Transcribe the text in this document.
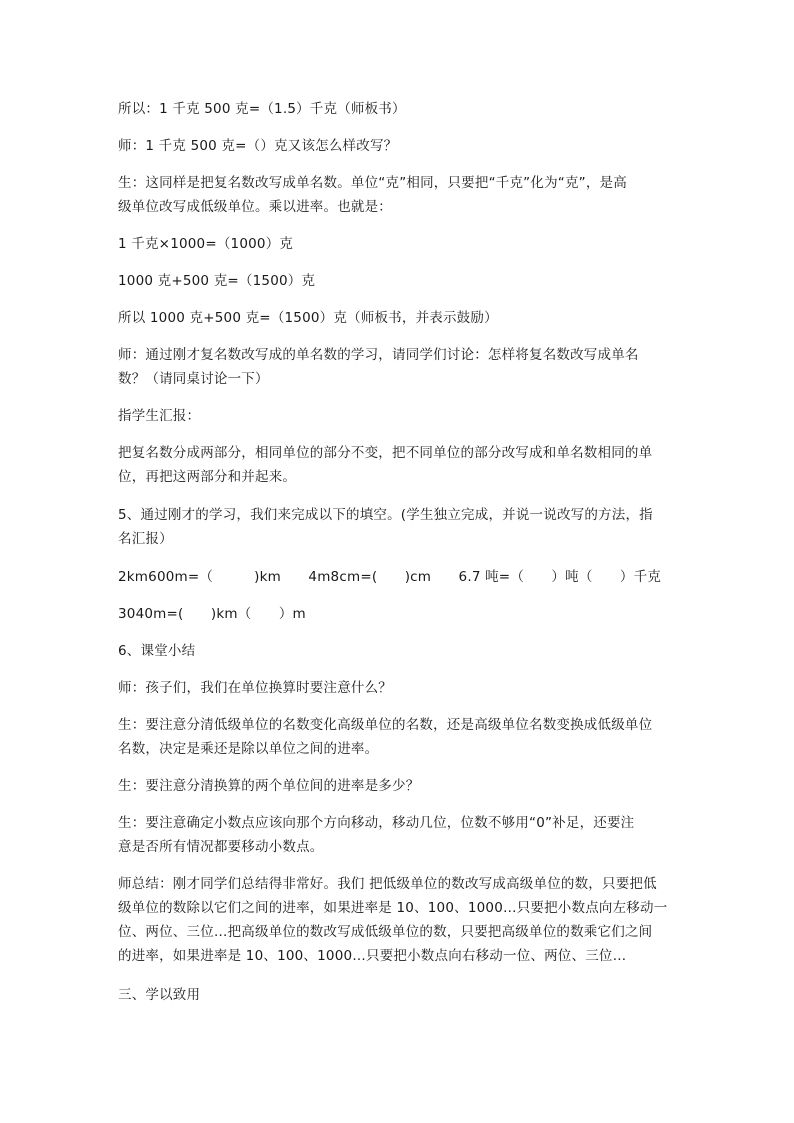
所以：1 千克 500 克=（1.5）千克（师板书）
师：1 千克 500 克=（）克又该怎么样改写？
生：这同样是把复名数改写成单名数。单位“克”相同，只要把“千克”化为“克”，是高
级单位改写成低级单位。乘以进率。也就是：
1 千克×1000=（1000）克
1000 克+500 克=（1500）克
所以 1000 克+500 克=（1500）克（师板书，并表示鼓励）
师：通过刚才复名数改写成的单名数的学习，请同学们讨论：怎样将复名数改写成单名
数？（请同桌讨论一下）
指学生汇报：
把复名数分成两部分，相同单位的部分不变，把不同单位的部分改写成和单名数相同的单
位，再把这两部分和并起来。
5、通过刚才的学习，我们来完成以下的填空。(学生独立完成，并说一说改写的方法，指
名汇报）
2km600m=（　　　)km　　4m8cm=(　　)cm　　6.7 吨=（　　）吨（　　）千克
3040m=(　　)km（　　）m
6、课堂小结
师：孩子们，我们在单位换算时要注意什么？
生：要注意分清低级单位的名数变化高级单位的名数，还是高级单位名数变换成低级单位
名数，决定是乘还是除以单位之间的进率。
生：要注意分清换算的两个单位间的进率是多少？
生：要注意确定小数点应该向那个方向移动，移动几位，位数不够用“0”补足，还要注
意是否所有情况都要移动小数点。
师总结：刚才同学们总结得非常好。我们 把低级单位的数改写成高级单位的数，只要把低
级单位的数除以它们之间的进率，如果进率是 10、100、1000…只要把小数点向左移动一
位、两位、三位…把高级单位的数改写成低级单位的数，只要把高级单位的数乘它们之间
的进率，如果进率是 10、100、1000…只要把小数点向右移动一位、两位、三位…
三、学以致用
